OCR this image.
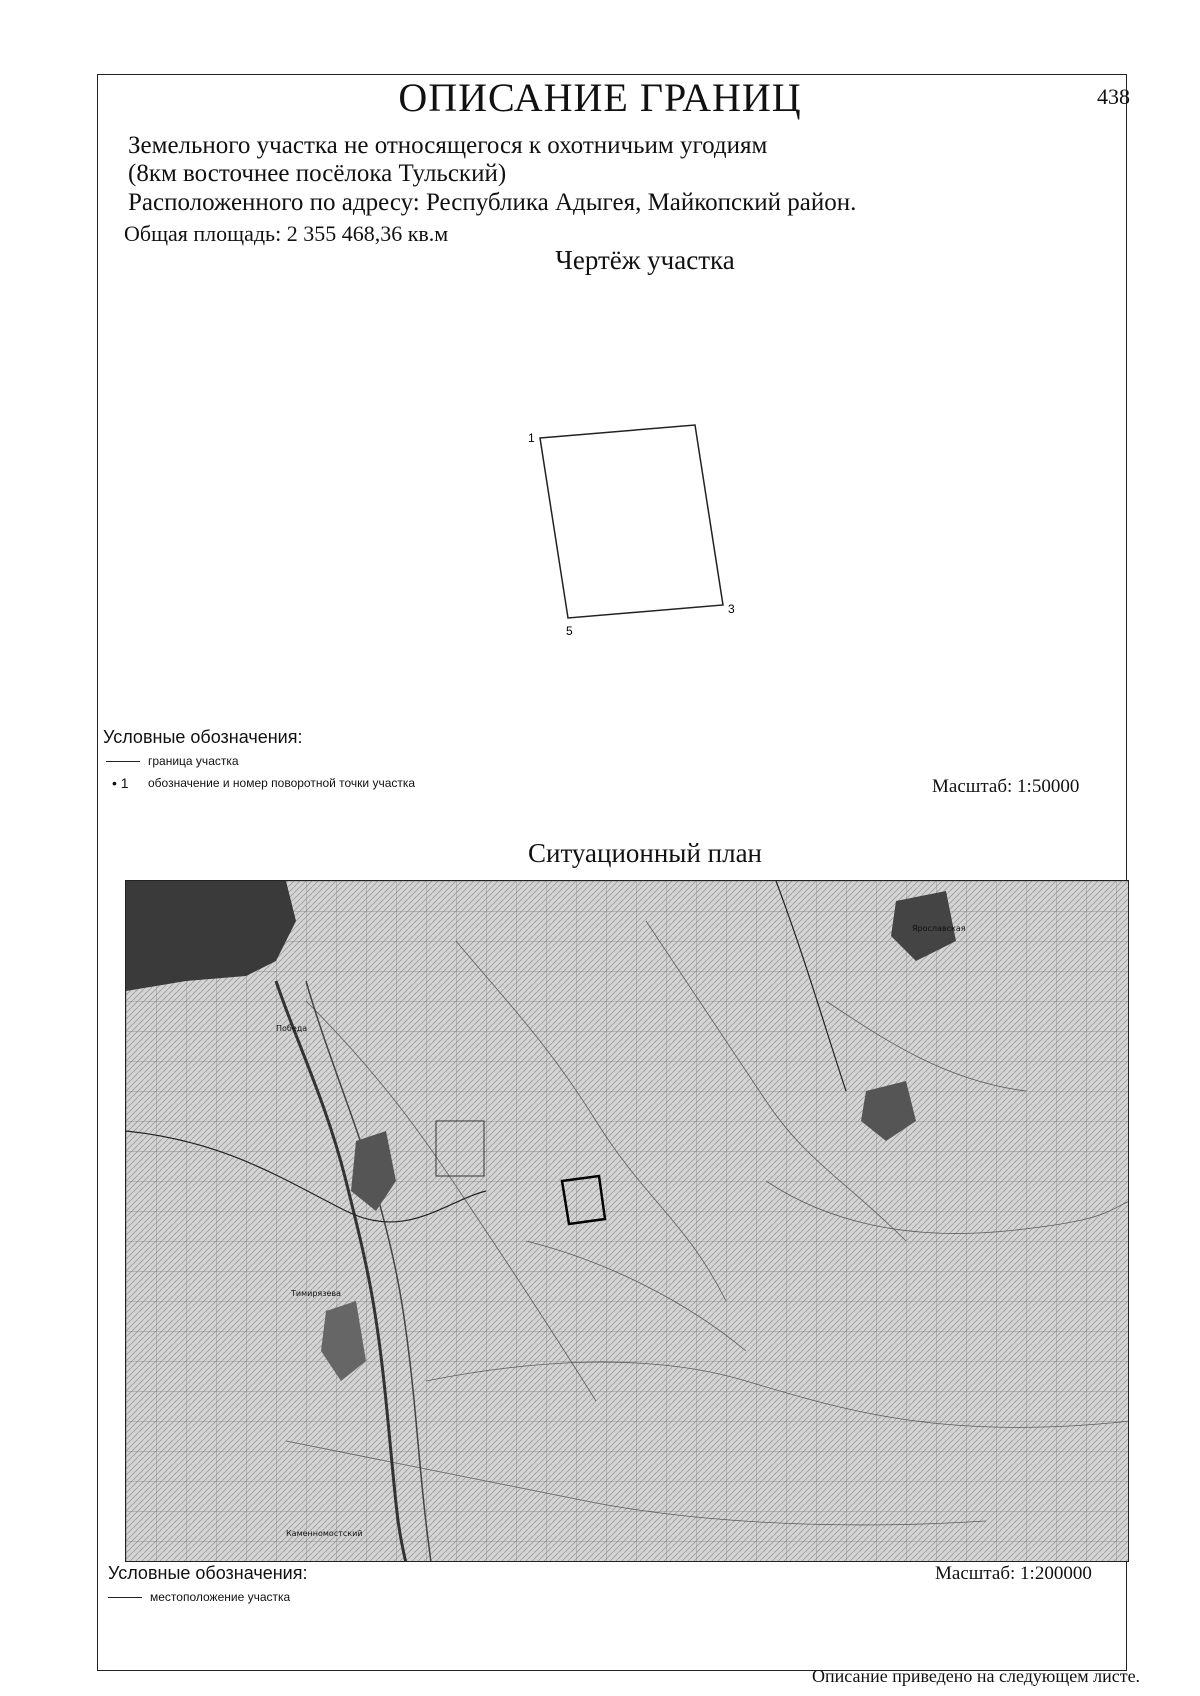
ОПИСАНИЕ ГРАНИЦ	438
Земельного участка не относящегося к охотничьим угодиям
(8км восточнее посёлока Тульский)
Расположенного по адресу: Республика Адыгея, Майкопский район.
Общая площадь: 2 355 468,36 кв.м
Чертёж участка
1
3
5
Условные обозначения:
граница участка
• 1	обозначение и номер поворотной точки участка	Масштаб: 1:50000
Ситуационный план
Ярославская
Победа
Тимирязева
Каменномостский
Условные обозначения:
местоположение участка
Масштаб: 1:200000
Описание приведено на следующем листе.
